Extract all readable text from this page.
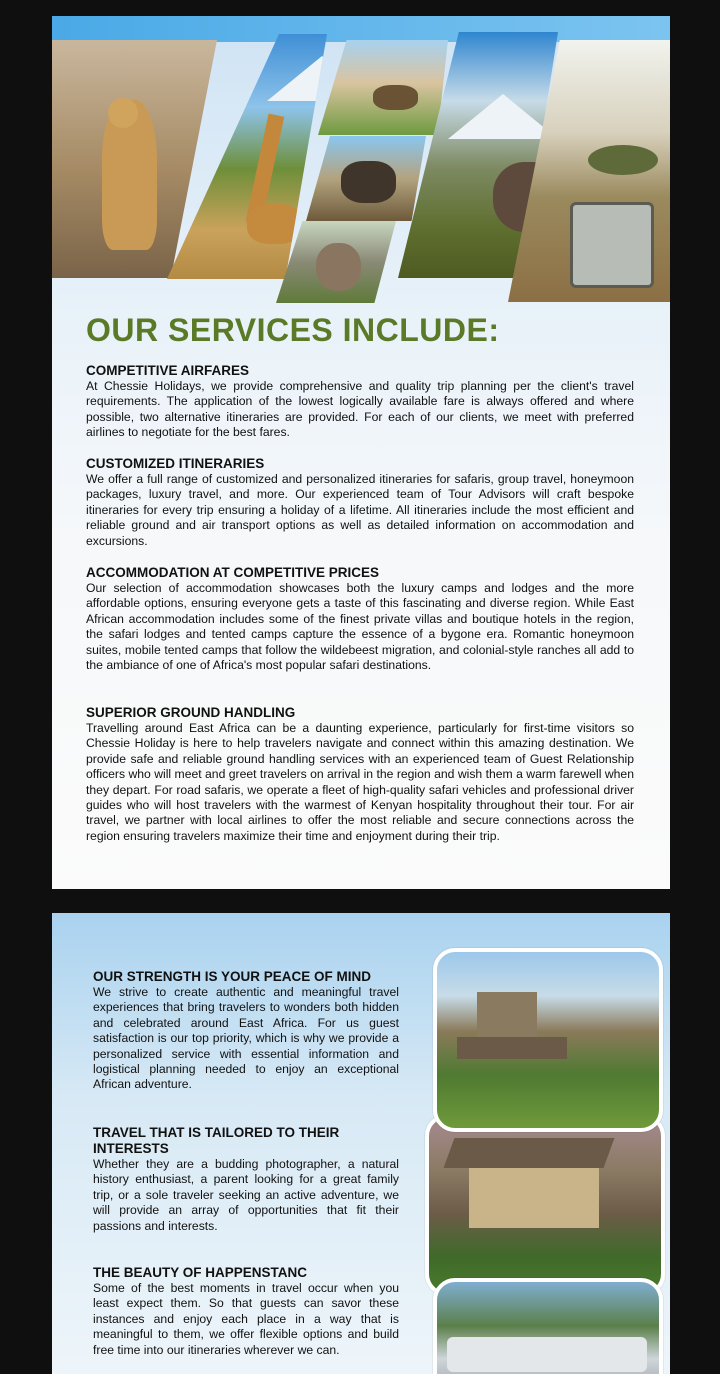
OUR SERVICES INCLUDE:
COMPETITIVE AIRFARES

At Chessie Holidays, we provide comprehensive and quality trip planning per the client's travel requirements. The application of the lowest logically available fare is always offered and where possible, two alternative itineraries are provided. For each of our clients, we meet with preferred airlines to negotiate for the best fares.

CUSTOMIZED ITINERARIES

We offer a full range of customized and personalized itineraries for safaris, group travel, honeymoon packages, luxury travel, and more. Our experienced team of Tour Advisors will craft bespoke itineraries for every trip ensuring a holiday of a lifetime. All itineraries include the most efficient and reliable ground and air transport options as well as detailed information on accommodation and excursions.

ACCOMMODATION AT COMPETITIVE PRICES

Our selection of accommodation showcases both the luxury camps and lodges and the more affordable options, ensuring everyone gets a taste of this fascinating and diverse region. While East African accommodation includes some of the finest private villas and boutique hotels in the region, the safari lodges and tented camps capture the essence of a bygone era. Romantic honeymoon suites, mobile tented camps that follow the wildebeest migration, and colonial-style ranches all add to the ambiance of one of Africa's most popular safari destinations.

SUPERIOR GROUND HANDLING

Travelling around East Africa can be a daunting experience, particularly for first-time visitors so Chessie Holiday is here to help travelers navigate and connect within this amazing destination. We provide safe and reliable ground handling services with an experienced team of Guest Relationship officers who will meet and greet travelers on arrival in the region and wish them a warm farewell when they depart. For road safaris, we operate a fleet of high-quality safari vehicles and professional driver guides who will host travelers with the warmest of Kenyan hospitality throughout their tour. For air travel, we partner with local airlines to offer the most reliable and secure connections across the region ensuring travelers maximize their time and enjoyment during their trip.

OUR STRENGTH IS YOUR PEACE OF MIND

We strive to create authentic and meaningful travel experiences that bring travelers to wonders both hidden and celebrated around East Africa. For us guest satisfaction is our top priority, which is why we provide a personalized service with essential information and logistical planning needed to enjoy an exceptional African adventure.

TRAVEL THAT IS TAILORED TO THEIR INTERESTS

Whether they are a budding photographer, a natural history enthusiast, a parent looking for a great family trip, or a sole traveler seeking an active adventure, we will provide an array of opportunities that fit their passions and interests.

THE BEAUTY OF HAPPENSTANC

Some of the best moments in travel occur when you least expect them. So that guests can savor these instances and enjoy each place in a way that is meaningful to them, we offer flexible options and build free time into our itineraries wherever we can.
